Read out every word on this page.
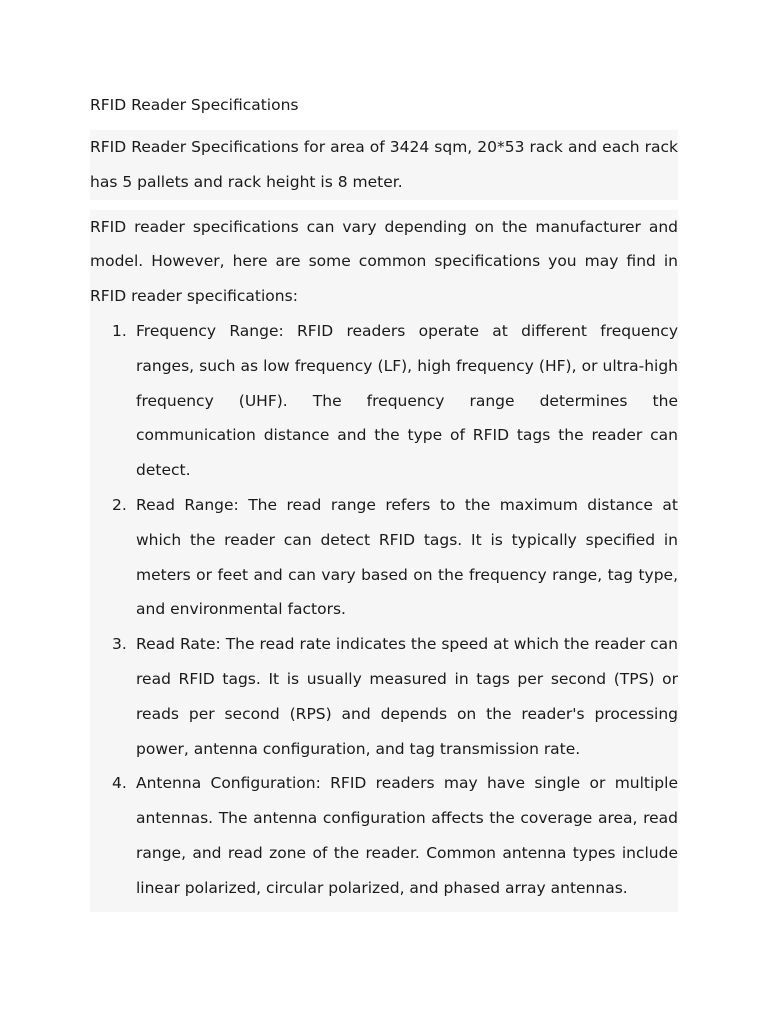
RFID Reader Specifications

RFID Reader Specifications for area of 3424 sqm, 20*53 rack and each rack has 5 pallets and rack height is 8 meter.

RFID reader specifications can vary depending on the manufacturer and model. However, here are some common specifications you may find in RFID reader specifications:

1. Frequency Range: RFID readers operate at different frequency ranges, such as low frequency (LF), high frequency (HF), or ultra-high frequency (UHF). The frequency range determines the communication distance and the type of RFID tags the reader can detect.
2. Read Range: The read range refers to the maximum distance at which the reader can detect RFID tags. It is typically specified in meters or feet and can vary based on the frequency range, tag type, and environmental factors.
3. Read Rate: The read rate indicates the speed at which the reader can read RFID tags. It is usually measured in tags per second (TPS) or reads per second (RPS) and depends on the reader's processing power, antenna configuration, and tag transmission rate.
4. Antenna Configuration: RFID readers may have single or multiple antennas. The antenna configuration affects the coverage area, read range, and read zone of the reader. Common antenna types include linear polarized, circular polarized, and phased array antennas.
